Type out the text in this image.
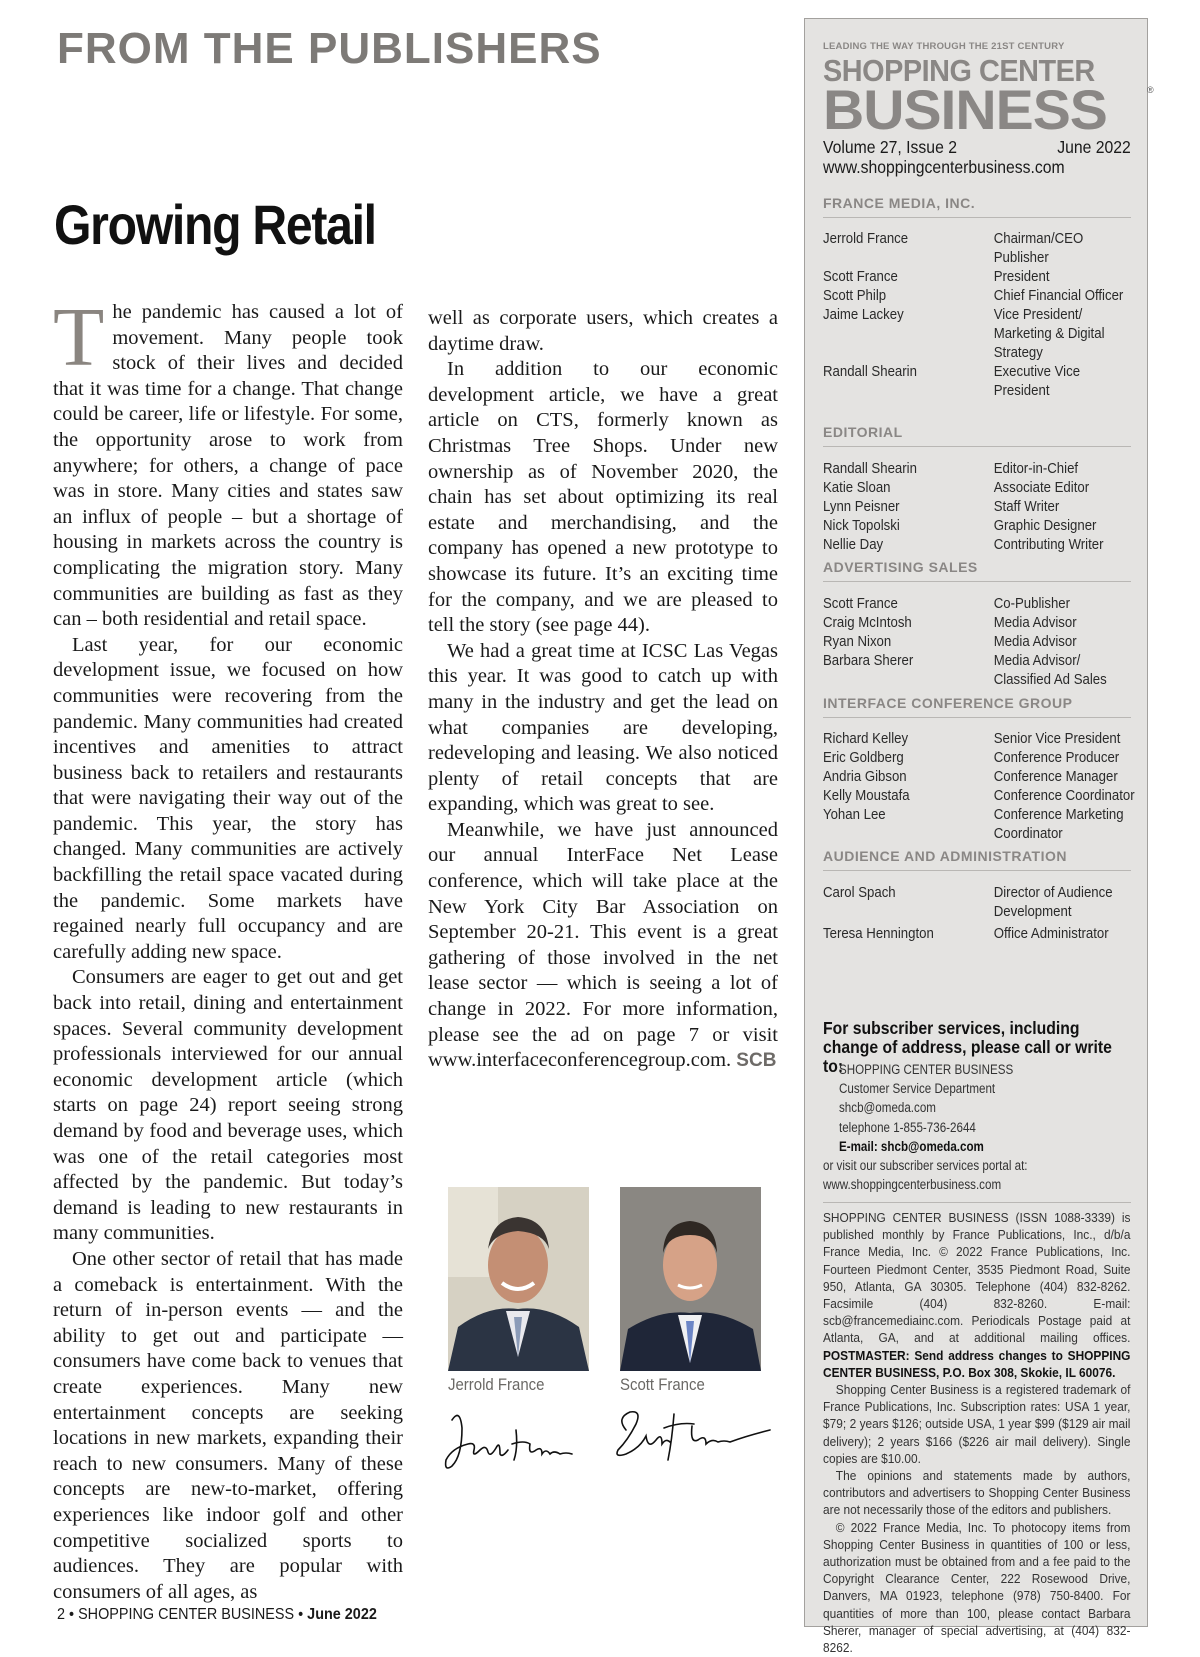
FROM THE PUBLISHERS
Growing Retail

The pandemic has caused a lot of movement. Many people took stock of their lives and decided that it was time for a change. That change could be career, life or lifestyle. For some, the opportunity arose to work from anywhere; for others, a change of pace was in store. Many cities and states saw an influx of people – but a shortage of housing in markets across the country is complicating the migration story. Many communities are building as fast as they can – both residential and retail space.

Last year, for our economic development issue, we focused on how communities were recovering from the pandemic. Many communities had created incentives and amenities to attract business back to retailers and restaurants that were navigating their way out of the pandemic. This year, the story has changed. Many communities are actively backfilling the retail space vacated during the pandemic. Some markets have regained nearly full occupancy and are carefully adding new space.

Consumers are eager to get out and get back into retail, dining and entertainment spaces. Several community development professionals interviewed for our annual economic development article (which starts on page 24) report seeing strong demand by food and beverage uses, which was one of the retail categories most affected by the pandemic. But today’s demand is leading to new restaurants in many communities.

One other sector of retail that has made a comeback is entertainment. With the return of in-person events — and the ability to get out and participate — consumers have come back to venues that create experiences. Many new entertainment concepts are seeking locations in new markets, expanding their reach to new consumers. Many of these concepts are new-to-market, offering experiences like indoor golf and other competitive socialized sports to audiences. They are popular with consumers of all ages, as

well as corporate users, which creates a daytime draw.

In addition to our economic development article, we have a great article on CTS, formerly known as Christmas Tree Shops. Under new ownership as of November 2020, the chain has set about optimizing its real estate and merchandising, and the company has opened a new prototype to showcase its future. It’s an exciting time for the company, and we are pleased to tell the story (see page 44).

We had a great time at ICSC Las Vegas this year. It was good to catch up with many in the industry and get the lead on what companies are developing, redeveloping and leasing. We also noticed plenty of retail concepts that are expanding, which was great to see.

Meanwhile, we have just announced our annual InterFace Net Lease conference, which will take place at the New York City Bar Association on September 20-21. This event is a great gathering of those involved in the net lease sector — which is seeing a lot of change in 2022. For more information, please see the ad on page 7 or visit www.interfaceconferencegroup.com. SCB

Jerrold France	Scott France
2 • SHOPPING CENTER BUSINESS • June 2022
LEADING THE WAY THROUGH THE 21ST CENTURY
SHOPPING CENTER
BUSINESS	®
Volume 27, Issue 2	June 2022
www.shoppingcenterbusiness.com
FRANCE MEDIA, INC.
Jerrold France	Chairman/CEO
Publisher
Scott France	President
Scott Philp	Chief Financial Officer
Jaime Lackey	Vice President/
Marketing & Digital
Strategy
Randall Shearin	Executive Vice
President
EDITORIAL
Randall Shearin	Editor-in-Chief
Katie Sloan	Associate Editor
Lynn Peisner	Staff Writer
Nick Topolski	Graphic Designer
Nellie Day	Contributing Writer
ADVERTISING SALES
Scott France	Co-Publisher
Craig McIntosh	Media Advisor
Ryan Nixon	Media Advisor
Barbara Sherer	Media Advisor/
Classified Ad Sales
INTERFACE CONFERENCE GROUP
Richard Kelley	Senior Vice President
Eric Goldberg	Conference Producer
Andria Gibson	Conference Manager
Kelly Moustafa	Conference Coordinator
Yohan Lee	Conference Marketing
Coordinator
AUDIENCE AND ADMINISTRATION
Carol Spach	Director of Audience
Development
Teresa Hennington	Office Administrator
For subscriber services, including change of address, please call or write to:
SHOPPING CENTER BUSINESS
Customer Service Department
shcb@omeda.com
telephone 1-855-736-2644
E-mail: shcb@omeda.com
or visit our subscriber services portal at:
www.shoppingcenterbusiness.com

SHOPPING CENTER BUSINESS (ISSN 1088-3339) is published monthly by France Publications, Inc., d/b/a France Media, Inc. © 2022 France Publications, Inc. Fourteen Piedmont Center, 3535 Piedmont Road, Suite 950, Atlanta, GA 30305. Telephone (404) 832-8262. Facsimile (404) 832-8260. E-mail: scb@francemediainc.com. Periodicals Postage paid at Atlanta, GA, and at additional mailing offices. POSTMASTER: Send address changes to SHOPPING CENTER BUSINESS, P.O. Box 308, Skokie, IL 60076.

Shopping Center Business is a registered trademark of France Publications, Inc. Subscription rates: USA 1 year, $79; 2 years $126; outside USA, 1 year $99 ($129 air mail delivery); 2 years $166 ($226 air mail delivery). Single copies are $10.00.

The opinions and statements made by authors, contributors and advertisers to Shopping Center Business are not necessarily those of the editors and publishers.

© 2022 France Media, Inc. To photocopy items from Shopping Center Business in quantities of 100 or less, authorization must be obtained from and a fee paid to the Copyright Clearance Center, 222 Rosewood Drive, Danvers, MA 01923, telephone (978) 750-8400. For quantities of more than 100, please contact Barbara Sherer, manager of special advertising, at (404) 832-8262.
